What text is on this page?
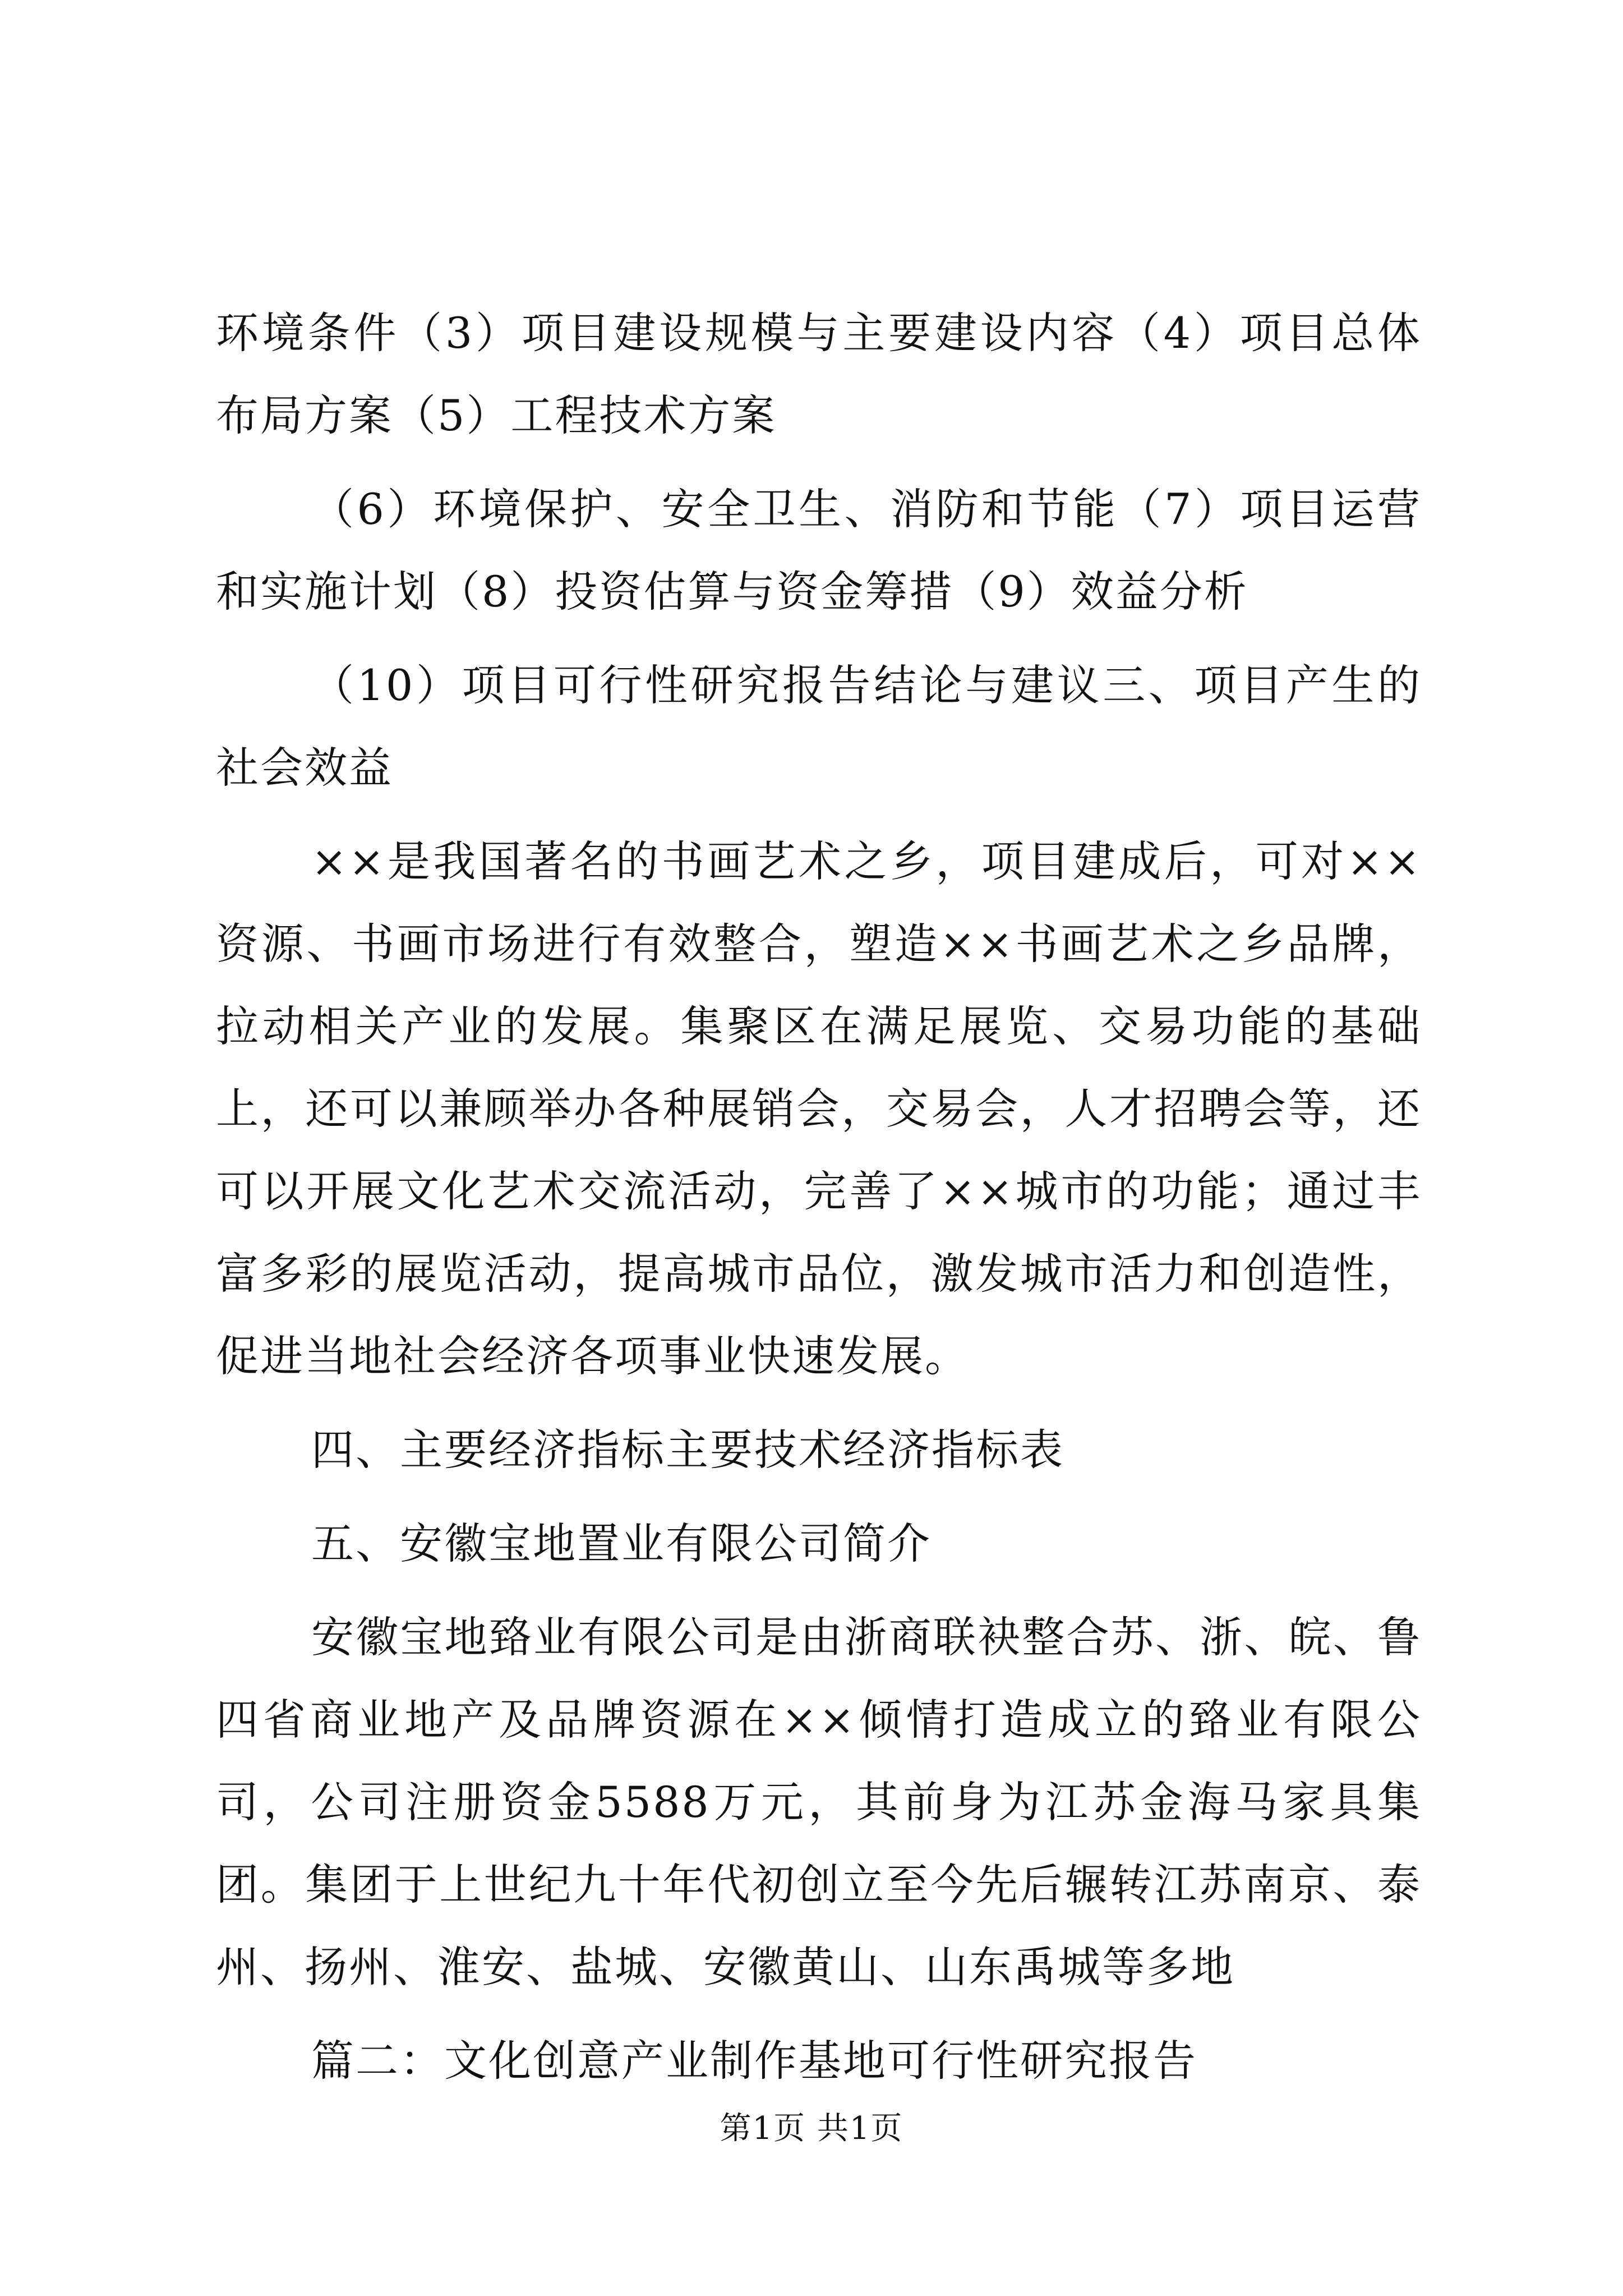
环境条件（3）项目建设规模与主要建设内容（4）项目总体布局方案（5）工程技术方案

（6）环境保护、安全卫生、消防和节能（7）项目运营和实施计划（8）投资估算与资金筹措（9）效益分析

（10）项目可行性研究报告结论与建议三、项目产生的社会效益

××是我国著名的书画艺术之乡，项目建成后，可对××资源、书画市场进行有效整合，塑造××书画艺术之乡品牌，拉动相关产业的发展。集聚区在满足展览、交易功能的基础上，还可以兼顾举办各种展销会，交易会，人才招聘会等，还可以开展文化艺术交流活动，完善了××城市的功能；通过丰富多彩的展览活动，提高城市品位，激发城市活力和创造性，促进当地社会经济各项事业快速发展。

四、主要经济指标主要技术经济指标表

五、安徽宝地置业有限公司简介

安徽宝地臵业有限公司是由浙商联袂整合苏、浙、皖、鲁四省商业地产及品牌资源在××倾情打造成立的臵业有限公司，公司注册资金5588万元，其前身为江苏金海马家具集团。集团于上世纪九十年代初创立至今先后辗转江苏南京、泰州、扬州、淮安、盐城、安徽黄山、山东禹城等多地

篇二：文化创意产业制作基地可行性研究报告

第1页 共1页
